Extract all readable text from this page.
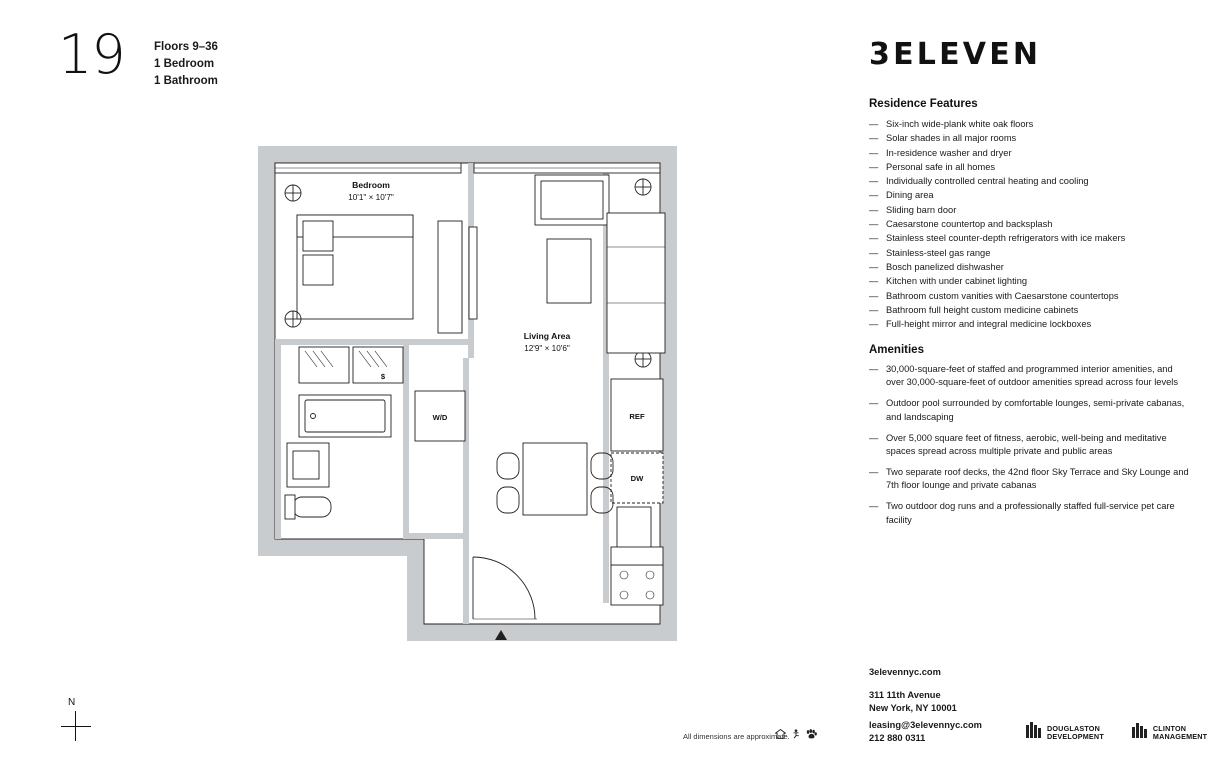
19	Floors 9–36
1 Bedroom
1 Bathroom
Bedroom
10'1" × 10'7"
Living Area
12'9" × 10'6"
$
W/D	REF
DW
N
All dimensions are approximate.
3ELEVEN
Residence Features
— Six-inch wide-plank white oak floors
— Solar shades in all major rooms
— In-residence washer and dryer
— Personal safe in all homes
— Individually controlled central heating and cooling
— Dining area
— Sliding barn door
— Caesarstone countertop and backsplash
— Stainless steel counter-depth refrigerators with ice makers
— Stainless-steel gas range
— Bosch panelized dishwasher
— Kitchen with under cabinet lighting
— Bathroom custom vanities with Caesarstone countertops
— Bathroom full height custom medicine cabinets
— Full-height mirror and integral medicine lockboxes
Amenities
— 30,000-square-feet of staffed and programmed interior amenities, and over 30,000-square-feet of outdoor amenities spread across four levels
— Outdoor pool surrounded by comfortable lounges, semi-private cabanas, and landscaping
— Over 5,000 square feet of fitness, aerobic, well-being and meditative spaces spread across multiple private and public areas
— Two separate roof decks, the 42nd floor Sky Terrace and Sky Lounge and 7th floor lounge and private cabanas
— Two outdoor dog runs and a professionally staffed full-service pet care facility
3elevennyc.com
311 11th Avenue
New York, NY 10001
leasing@3elevennyc.com
212 880 0311
DOUGLASTON
DEVELOPMENT
CLINTON
MANAGEMENT
